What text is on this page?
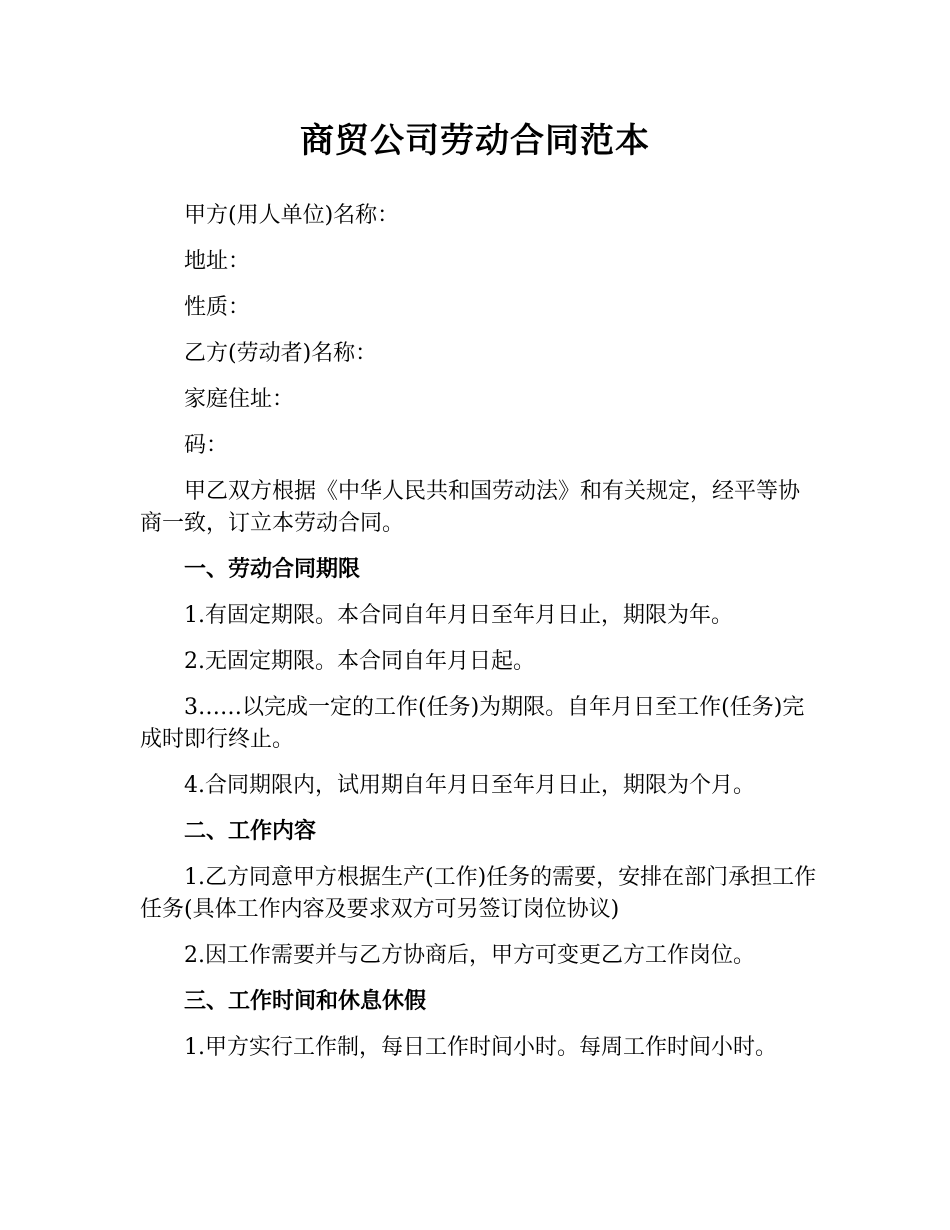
商贸公司劳动合同范本

甲方(用人单位)名称：

地址：

性质：

乙方(劳动者)名称：

家庭住址：

码：

甲乙双方根据《中华人民共和国劳动法》和有关规定，经平等协商一致，订立本劳动合同。

一、劳动合同期限

1.有固定期限。本合同自年月日至年月日止，期限为年。

2.无固定期限。本合同自年月日起。

3……以完成一定的工作(任务)为期限。自年月日至工作(任务)完成时即行终止。

4.合同期限内，试用期自年月日至年月日止，期限为个月。

二、工作内容

1.乙方同意甲方根据生产(工作)任务的需要，安排在部门承担工作任务(具体工作内容及要求双方可另签订岗位协议)

2.因工作需要并与乙方协商后，甲方可变更乙方工作岗位。

三、工作时间和休息休假

1.甲方实行工作制，每日工作时间小时。每周工作时间小时。
